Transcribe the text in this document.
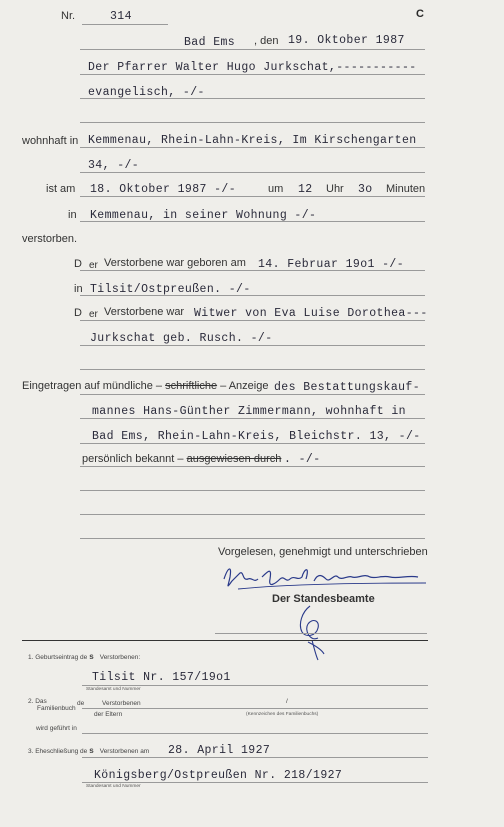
Nr.	314	C
Bad Ems , den 19. Oktober 1987
Der Pfarrer Walter Hugo Jurkschat,-----------
evangelisch, -/-
wohnhaft in Kemmenau, Rhein-Lahn-Kreis, Im Kirschengarten
34, -/-
ist am 18. Oktober 1987 -/-	um 12 Uhr 3o Minuten
in Kemmenau, in seiner Wohnung -/-
verstorben.
D er Verstorbene war geboren am 14. Februar 19o1 -/-
in Tilsit/Ostpreußen. -/-
D er Verstorbene war Witwer von Eva Luise Dorothea---
Jurkschat geb. Rusch. -/-
Eingetragen auf mündliche – schriftliche – Anzeige des Bestattungskauf-
mannes Hans-Günther Zimmermann, wohnhaft in
Bad Ems, Rhein-Lahn-Kreis, Bleichstr. 13, -/-
persönlich bekannt – ausgewiesen durch . -/-
Vorgelesen, genehmigt und unterschrieben
Der Standesbeamte
1. Geburtseintrag de s Verstorbenen:
Tilsit Nr. 157/19o1
Standesamt und Nummer
2. Das
Familienbuch
de	Verstorbenen	/
der Eltern	(Kennzeichen des Familienbuchs)
wird geführt in
3. Eheschließung de s Verstorbenen am 28. April 1927
Königsberg/Ostpreußen Nr. 218/1927
Standesamt und Nummer
